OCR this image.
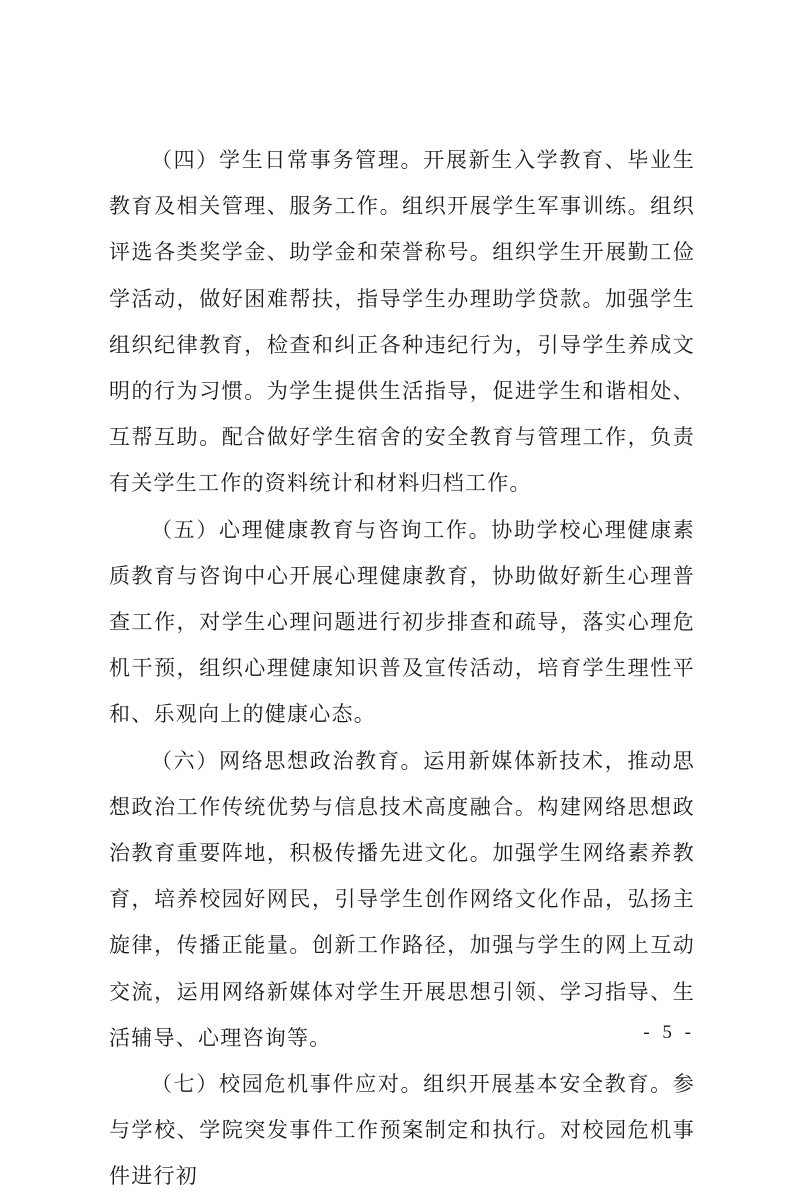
（四）学生日常事务管理。开展新生入学教育、毕业生教育及相关管理、服务工作。组织开展学生军事训练。组织评选各类奖学金、助学金和荣誉称号。组织学生开展勤工俭学活动，做好困难帮扶，指导学生办理助学贷款。加强学生组织纪律教育，检查和纠正各种违纪行为，引导学生养成文明的行为习惯。为学生提供生活指导，促进学生和谐相处、互帮互助。配合做好学生宿舍的安全教育与管理工作，负责有关学生工作的资料统计和材料归档工作。

（五）心理健康教育与咨询工作。协助学校心理健康素质教育与咨询中心开展心理健康教育，协助做好新生心理普查工作，对学生心理问题进行初步排查和疏导，落实心理危机干预，组织心理健康知识普及宣传活动，培育学生理性平和、乐观向上的健康心态。

（六）网络思想政治教育。运用新媒体新技术，推动思想政治工作传统优势与信息技术高度融合。构建网络思想政治教育重要阵地，积极传播先进文化。加强学生网络素养教育，培养校园好网民，引导学生创作网络文化作品，弘扬主旋律，传播正能量。创新工作路径，加强与学生的网上互动交流，运用网络新媒体对学生开展思想引领、学习指导、生活辅导、心理咨询等。

（七）校园危机事件应对。组织开展基本安全教育。参与学校、学院突发事件工作预案制定和执行。对校园危机事件进行初

- 5 -
